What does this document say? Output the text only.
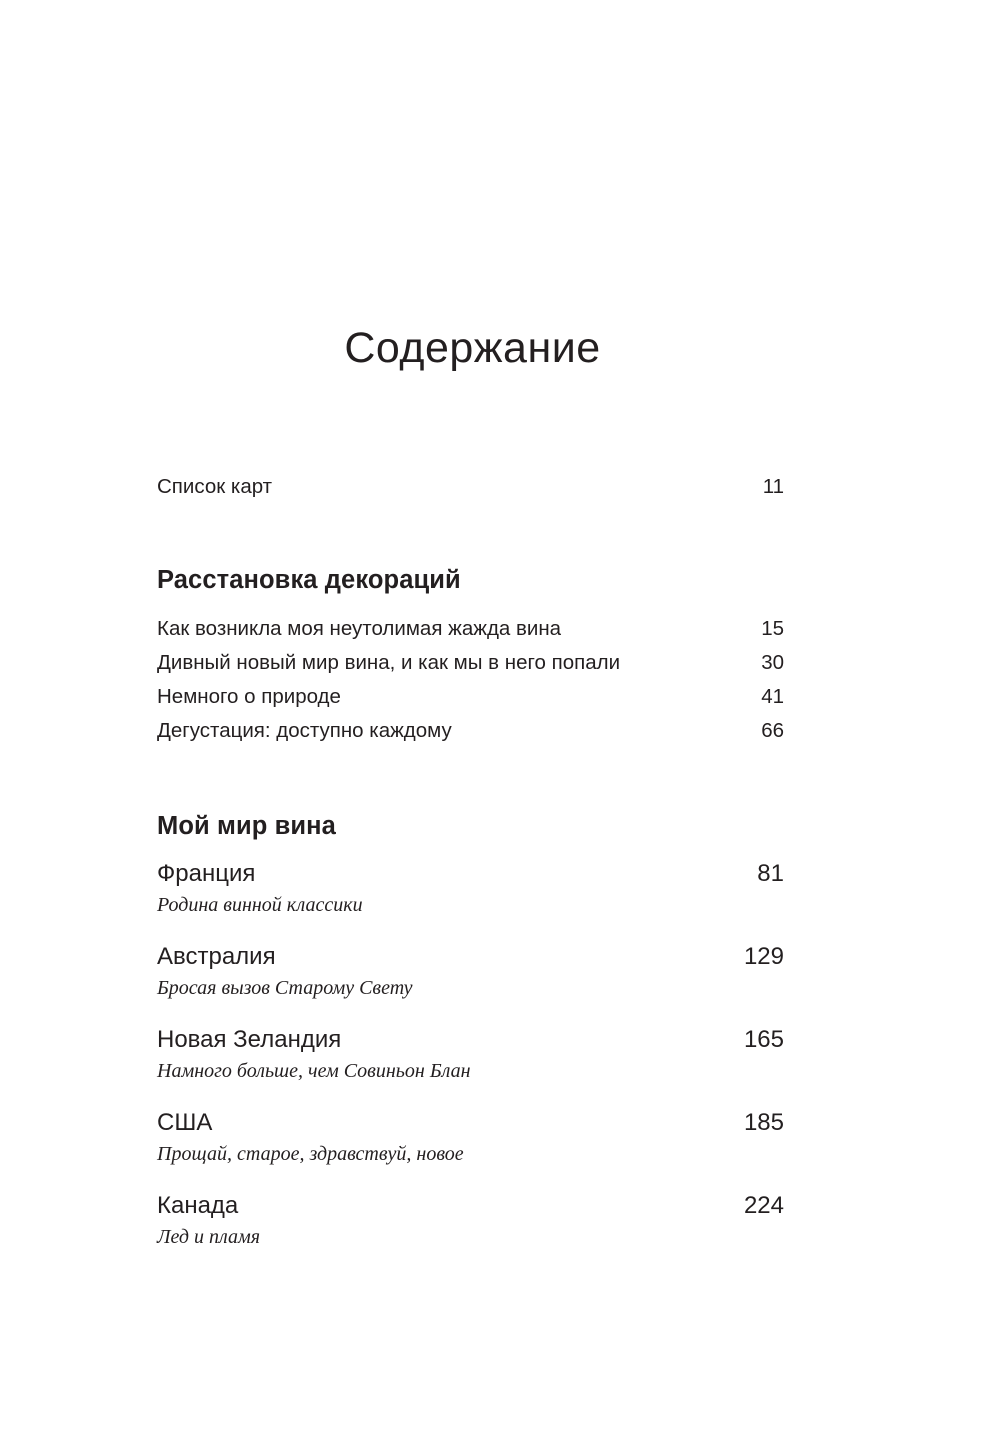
Содержание
Список карт	11
Расстановка декораций
Как возникла моя неутолимая жажда вина	15
Дивный новый мир вина, и как мы в него попали	30
Немного о природе	41
Дегустация: доступно каждому	66
Мой мир вина
Франция	81
Родина винной классики
Австралия	129
Бросая вызов Старому Свету
Новая Зеландия	165
Намного больше, чем Совиньон Блан
США	185
Прощай, старое, здравствуй, новое
Канада	224
Лед и пламя
